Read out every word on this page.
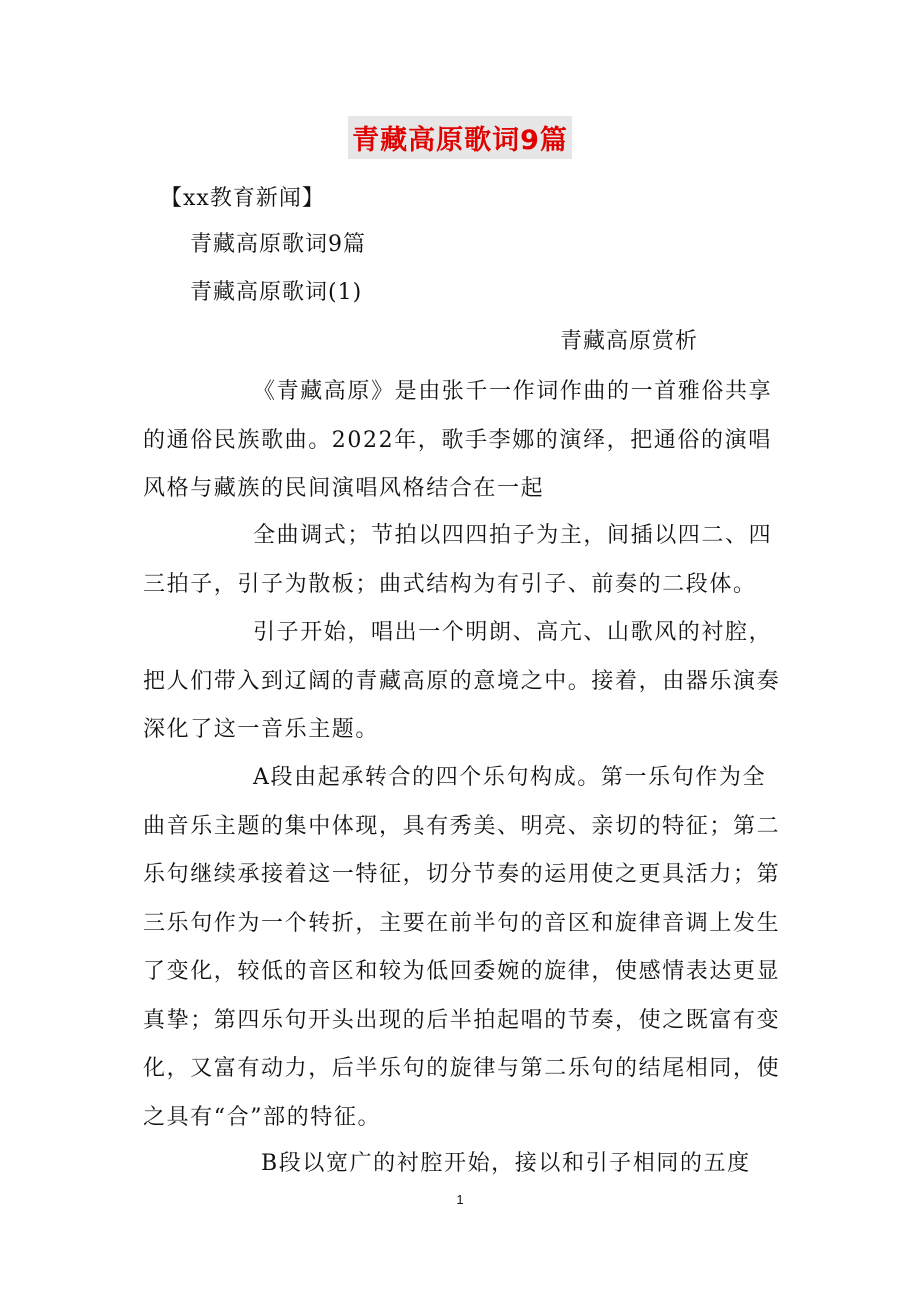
青藏高原歌词9篇
【xx教育新闻】
青藏高原歌词9篇
青藏高原歌词(1)
青藏高原赏析

《青藏高原》是由张千一作词作曲的一首雅俗共享的通俗民族歌曲。2022年，歌手李娜的演绎，把通俗的演唱风格与藏族的民间演唱风格结合在一起

全曲调式；节拍以四四拍子为主，间插以四二、四三拍子，引子为散板；曲式结构为有引子、前奏的二段体。

引子开始，唱出一个明朗、高亢、山歌风的衬腔，把人们带入到辽阔的青藏高原的意境之中。接着，由器乐演奏深化了这一音乐主题。

A段由起承转合的四个乐句构成。第一乐句作为全曲音乐主题的集中体现，具有秀美、明亮、亲切的特征；第二乐句继续承接着这一特征，切分节奏的运用使之更具活力；第三乐句作为一个转折，主要在前半句的音区和旋律音调上发生了变化，较低的音区和较为低回委婉的旋律，使感情表达更显真挚；第四乐句开头出现的后半拍起唱的节奏，使之既富有变化，又富有动力，后半乐句的旋律与第二乐句的结尾相同，使之具有“合”部的特征。

B段以宽广的衬腔开始，接以和引子相同的五度

1
